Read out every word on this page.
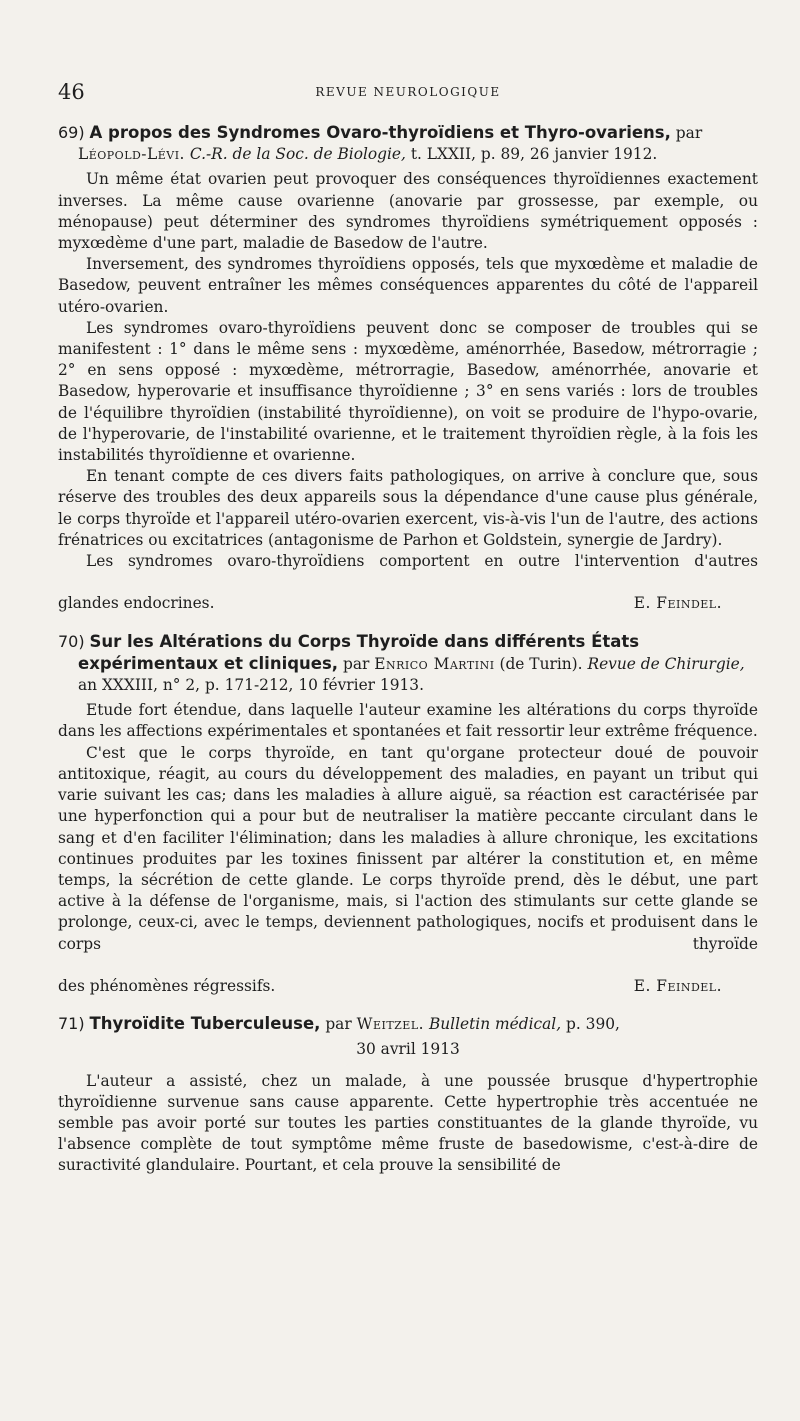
46	REVUE NEUROLOGIQUE
69) A propos des Syndromes Ovaro-thyroïdiens et Thyro-ovariens, par Léopold-Lévi. C.-R. de la Soc. de Biologie, t. LXXII, p. 89, 26 janvier 1912.

Un même état ovarien peut provoquer des conséquences thyroïdiennes exactement inverses. La même cause ovarienne (anovarie par grossesse, par exemple, ou ménopause) peut déterminer des syndromes thyroïdiens symétriquement opposés : myxœdème d'une part, maladie de Basedow de l'autre.

Inversement, des syndromes thyroïdiens opposés, tels que myxœdème et maladie de Basedow, peuvent entraîner les mêmes conséquences apparentes du côté de l'appareil utéro-ovarien.

Les syndromes ovaro-thyroïdiens peuvent donc se composer de troubles qui se manifestent : 1° dans le même sens : myxœdème, aménorrhée, Basedow, métrorragie ; 2° en sens opposé : myxœdème, métrorragie, Basedow, aménorrhée, anovarie et Basedow, hyperovarie et insuffisance thyroïdienne ; 3° en sens variés : lors de troubles de l'équilibre thyroïdien (instabilité thyroïdienne), on voit se produire de l'hypo-ovarie, de l'hyperovarie, de l'instabilité ovarienne, et le traitement thyroïdien règle, à la fois les instabilités thyroïdienne et ovarienne.

En tenant compte de ces divers faits pathologiques, on arrive à conclure que, sous réserve des troubles des deux appareils sous la dépendance d'une cause plus générale, le corps thyroïde et l'appareil utéro-ovarien exercent, vis-à-vis l'un de l'autre, des actions frénatrices ou excitatrices (antagonisme de Parhon et Goldstein, synergie de Jardry).

Les syndromes ovaro-thyroïdiens comportent en outre l'intervention d'autres

glandes endocrines.	E. Feindel.
70) Sur les Altérations du Corps Thyroïde dans différents États expérimentaux et cliniques, par Enrico Martini (de Turin). Revue de Chirurgie, an XXXIII, n° 2, p. 171-212, 10 février 1913.

Etude fort étendue, dans laquelle l'auteur examine les altérations du corps thyroïde dans les affections expérimentales et spontanées et fait ressortir leur extrême fréquence.

C'est que le corps thyroïde, en tant qu'organe protecteur doué de pouvoir antitoxique, réagit, au cours du développement des maladies, en payant un tribut qui varie suivant les cas; dans les maladies à allure aiguë, sa réaction est caractérisée par une hyperfonction qui a pour but de neutraliser la matière peccante circulant dans le sang et d'en faciliter l'élimination; dans les maladies à allure chronique, les excitations continues produites par les toxines finissent par altérer la constitution et, en même temps, la sécrétion de cette glande. Le corps thyroïde prend, dès le début, une part active à la défense de l'organisme, mais, si l'action des stimulants sur cette glande se prolonge, ceux-ci, avec le temps, deviennent pathologiques, nocifs et produisent dans le corps thyroïde

des phénomènes régressifs.	E. Feindel.
71) Thyroïdite Tuberculeuse, par Weitzel. Bulletin médical, p. 390,
30 avril 1913

L'auteur a assisté, chez un malade, à une poussée brusque d'hypertrophie thyroïdienne survenue sans cause apparente. Cette hypertrophie très accentuée ne semble pas avoir porté sur toutes les parties constituantes de la glande thyroïde, vu l'absence complète de tout symptôme même fruste de basedowisme, c'est-à-dire de suractivité glandulaire. Pourtant, et cela prouve la sensibilité de
